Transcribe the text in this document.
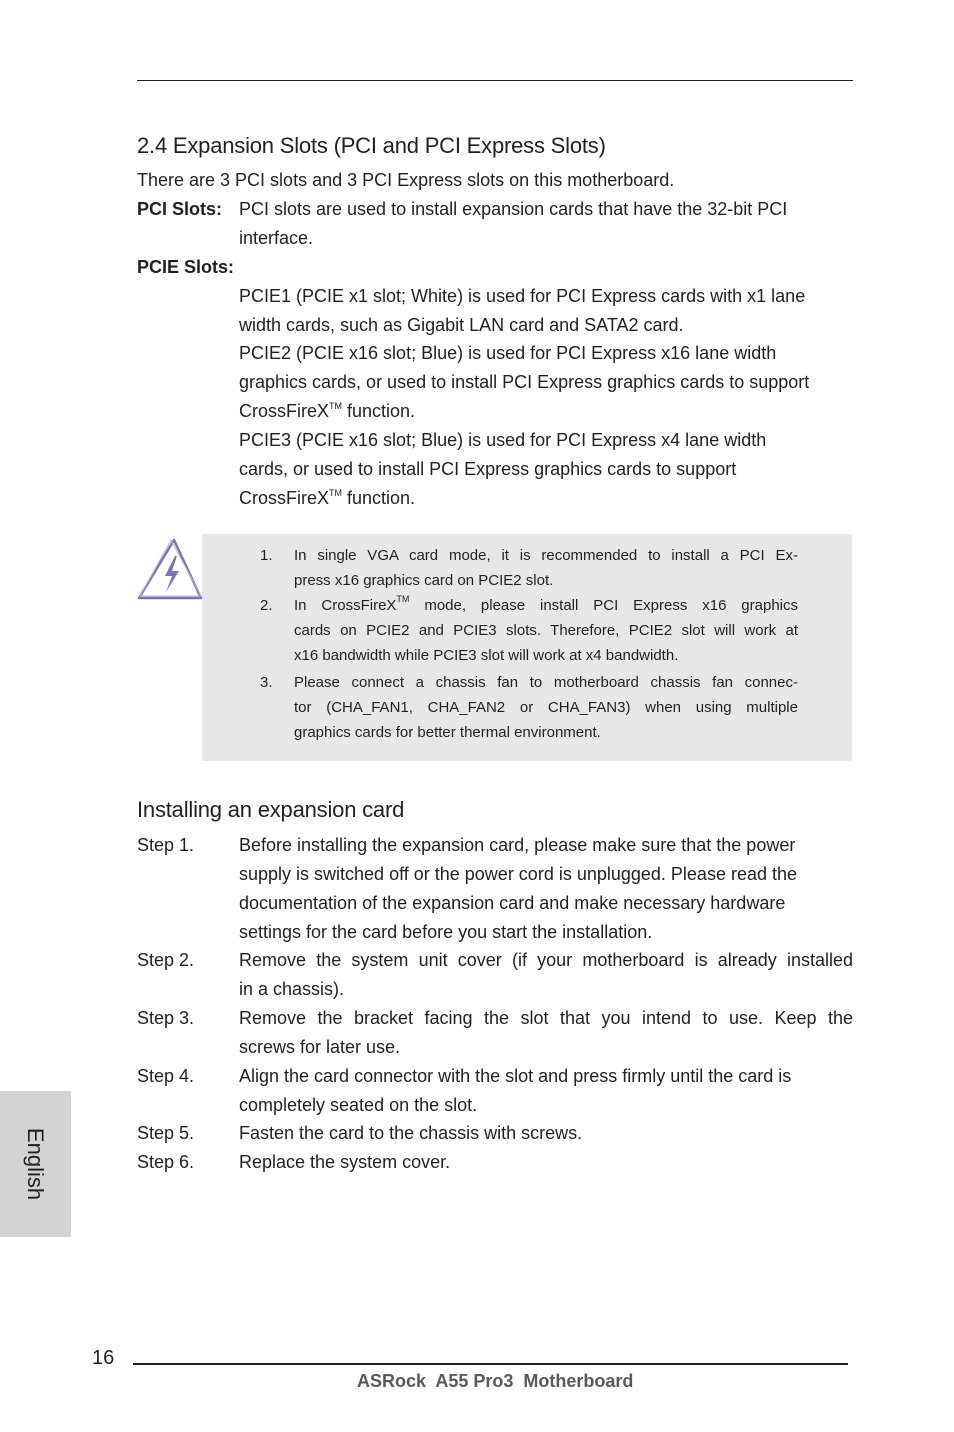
2.4 Expansion Slots (PCI and PCI Express Slots)
There are 3 PCI slots and 3 PCI Express slots on this motherboard.
PCI Slots: PCI slots are used to install expansion cards that have the 32-bit PCI
interface.
PCIE Slots:
PCIE1 (PCIE x1 slot; White) is used for PCI Express cards with x1 lane
width cards, such as Gigabit LAN card and SATA2 card.
PCIE2 (PCIE x16 slot; Blue) is used for PCI Express x16 lane width
graphics cards, or used to install PCI Express graphics cards to support
CrossFireX™ function.
PCIE3 (PCIE x16 slot; Blue) is used for PCI Express x4 lane width
cards, or used to install PCI Express graphics cards to support
CrossFireX™ function.
1. In single VGA card mode, it is recommended to install a PCI Ex-
press x16 graphics card on PCIE2 slot.
2. In CrossFireX™ mode, please install PCI Express x16 graphics
cards on PCIE2 and PCIE3 slots. Therefore, PCIE2 slot will work at
x16 bandwidth while PCIE3 slot will work at x4 bandwidth.
3. Please connect a chassis fan to motherboard chassis fan connec-
tor (CHA_FAN1, CHA_FAN2 or CHA_FAN3) when using multiple
graphics cards for better thermal environment.
Installing an expansion card
Step 1. Before installing the expansion card, please make sure that the power
supply is switched off or the power cord is unplugged. Please read the
documentation of the expansion card and make necessary hardware
settings for the card before you start the installation.
Step 2. Remove the system unit cover (if your motherboard is already installed
in a chassis).
Step 3. Remove the bracket facing the slot that you intend to use. Keep the
screws for later use.
Step 4. Align the card connector with the slot and press firmly until the card is
completely seated on the slot.
Step 5. Fasten the card to the chassis with screws.
Step 6. Replace the system cover.
English
16
ASRock  A55 Pro3  Motherboard
